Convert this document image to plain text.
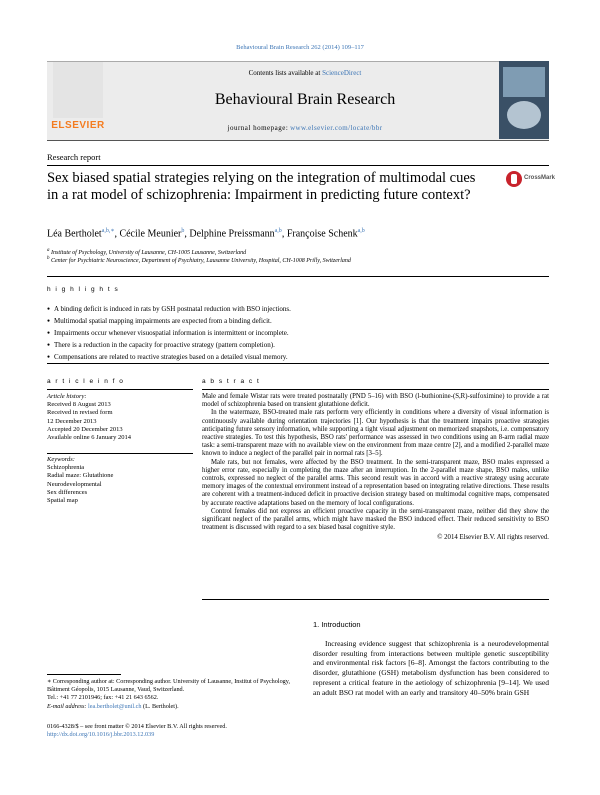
Behavioural Brain Research 262 (2014) 109–117
ELSEVIER
Contents lists available at ScienceDirect
Behavioural Brain Research
journal homepage: www.elsevier.com/locate/bbr
Research report
Sex biased spatial strategies relying on the integration of multimodal cues in a rat model of schizophrenia: Impairment in predicting future context?
CrossMark
Léa Bertholet$^{a,b,∗}$, Cécile Meunier$^b$, Delphine Preissmann$^{a,b}$, Françoise Schenk$^{a,b}$
$^a$ Institute of Psychology, University of Lausanne, CH-1005 Lausanne, Switzerland
$^b$ Center for Psychiatric Neuroscience, Department of Psychiatry, Lausanne University, Hospital, CH-1008 Prilly, Switzerland
h i g h l i g h t s
● A binding deficit is induced in rats by GSH postnatal reduction with BSO injections.
● Multimodal spatial mapping impairments are expected from a binding deficit.
● Impairments occur whenever visuospatial information is intermittent or incomplete.
● There is a reduction in the capacity for proactive strategy (pattern completion).
● Compensations are related to reactive strategies based on a detailed visual memory.
a r t i c l e i n f o	a b s t r a c t
Article history:
Received 8 August 2013
Received in revised form
12 December 2013
Accepted 20 December 2013
Available online 6 January 2014
Keywords:
Schizophrenia
Radial maze: Glutathione
Neurodevelopmental
Sex differences
Spatial map

Male and female Wistar rats were treated postnatally (PND 5–16) with BSO (l-buthionine-(S,R)-sulfoximine) to provide a rat model of schizophrenia based on transient glutathione deficit.

In the watermaze, BSO-treated male rats perform very efficiently in conditions where a diversity of visual information is continuously available during orientation trajectories [1]. Our hypothesis is that the treatment impairs proactive strategies anticipating future sensory information, while supporting a tight visual adjustment on memorized snapshots, i.e. compensatory reactive strategies. To test this hypothesis, BSO rats' performance was assessed in two conditions using an 8-arm radial maze task: a semi-transparent maze with no available view on the environment from maze centre [2], and a modified 2-parallel maze known to induce a neglect of the parallel pair in normal rats [3–5].

Male rats, but not females, were affected by the BSO treatment. In the semi-transparent maze, BSO males expressed a higher error rate, especially in completing the maze after an interruption. In the 2-parallel maze shape, BSO males, unlike controls, expressed no neglect of the parallel arms. This second result was in accord with a reactive strategy using accurate memory images of the contextual environment instead of a representation based on integrating relative directions. These results are coherent with a treatment-induced deficit in proactive decision strategy based on multimodal cognitive maps, compensated by accurate reactive adaptations based on the memory of local configurations.

Control females did not express an efficient proactive capacity in the semi-transparent maze, neither did they show the significant neglect of the parallel arms, which might have masked the BSO induced effect. Their reduced sensitivity to BSO treatment is discussed with regard to a sex biased basal cognitive style.

© 2014 Elsevier B.V. All rights reserved.

1. Introduction

Increasing evidence suggest that schizophrenia is a neurodevelopmental disorder resulting from interactions between multiple genetic susceptibility and environmental risk factors [6–8]. Amongst the factors contributing to the disorder, glutathione (GSH) metabolism dysfunction has been considered to represent a critical feature in the aetiology of schizophrenia [9–14]. We used an adult BSO rat model with an early and transitory 40–50% brain GSH

∗ Corresponding author at: Corresponding author. University of Lausanne, Institut of Psychology, Bâtiment Géopolis, 1015 Lausanne, Vaud, Switzerland.
Tel.: +41 77 2101946; fax: +41 21 643 6562.
E-mail address: lea.bertholet@unil.ch (L. Bertholet).
0166-4328/$ – see front matter © 2014 Elsevier B.V. All rights reserved.
http://dx.doi.org/10.1016/j.bbr.2013.12.039
